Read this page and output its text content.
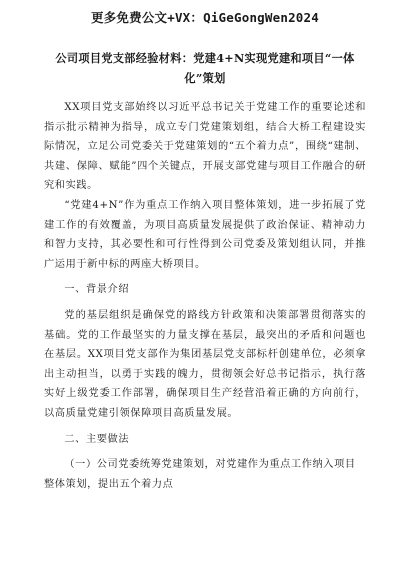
更多免费公文+VX：QiGeGongWen2024
公司项目党支部经验材料：党建4+N实现党建和项目“一体化”策划

XX项目党支部始终以习近平总书记关于党建工作的重要论述和指示批示精神为指导，成立专门党建策划组，结合大桥工程建设实际情况，立足公司党委关于党建策划的“五个着力点”，围绕“建制、共建、保障、赋能”四个关键点，开展支部党建与项目工作融合的研究和实践。

“党建4+N”作为重点工作纳入项目整体策划，进一步拓展了党建工作的有效覆盖，为项目高质量发展提供了政治保证、精神动力和智力支持，其必要性和可行性得到公司党委及策划组认同，并推广运用于新中标的两座大桥项目。

一、背景介绍

党的基层组织是确保党的路线方针政策和决策部署贯彻落实的基础。党的工作最坚实的力量支撑在基层，最突出的矛盾和问题也在基层。XX项目党支部作为集团基层党支部标杆创建单位，必须拿出主动担当，以勇于实践的魄力，贯彻领会好总书记指示，执行落实好上级党委工作部署，确保项目生产经营沿着正确的方向前行，以高质量党建引领保障项目高质量发展。

二、主要做法

（一）公司党委统筹党建策划，对党建作为重点工作纳入项目整体策划，提出五个着力点
